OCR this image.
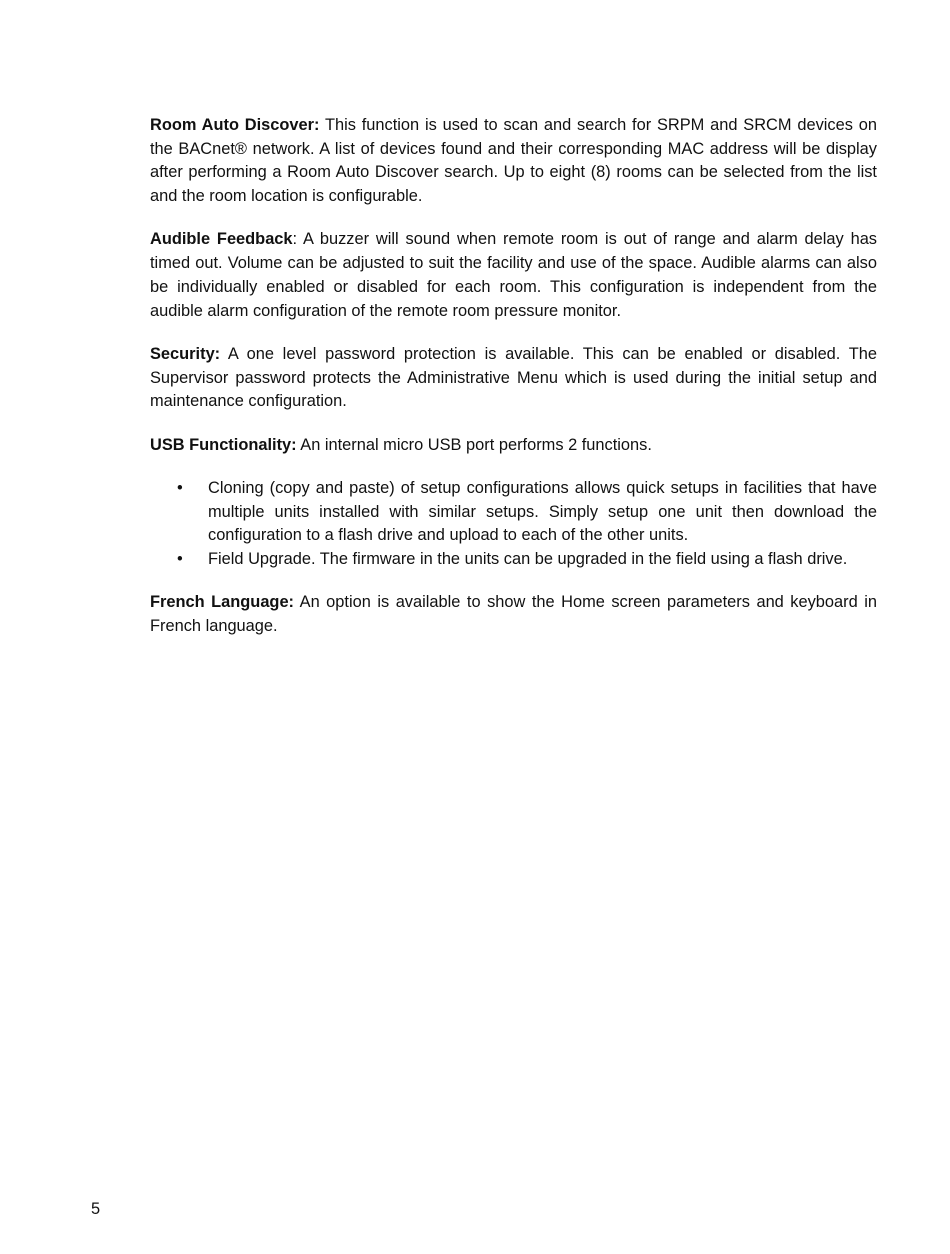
Room Auto Discover: This function is used to scan and search for SRPM and SRCM devices on the BACnet® network. A list of devices found and their corresponding MAC address will be display after performing a Room Auto Discover search. Up to eight (8) rooms can be selected from the list and the room location is configurable.

Audible Feedback: A buzzer will sound when remote room is out of range and alarm delay has timed out. Volume can be adjusted to suit the facility and use of the space. Audible alarms can also be individually enabled or disabled for each room. This configuration is independent from the audible alarm configuration of the remote room pressure monitor.

Security: A one level password protection is available. This can be enabled or disabled. The Supervisor password protects the Administrative Menu which is used during the initial setup and maintenance configuration.

USB Functionality: An internal micro USB port performs 2 functions.

• Cloning (copy and paste) of setup configurations allows quick setups in facilities that have multiple units installed with similar setups. Simply setup one unit then download the configuration to a flash drive and upload to each of the other units.
• Field Upgrade. The firmware in the units can be upgraded in the field using a flash drive.

French Language: An option is available to show the Home screen parameters and keyboard in French language.

5
